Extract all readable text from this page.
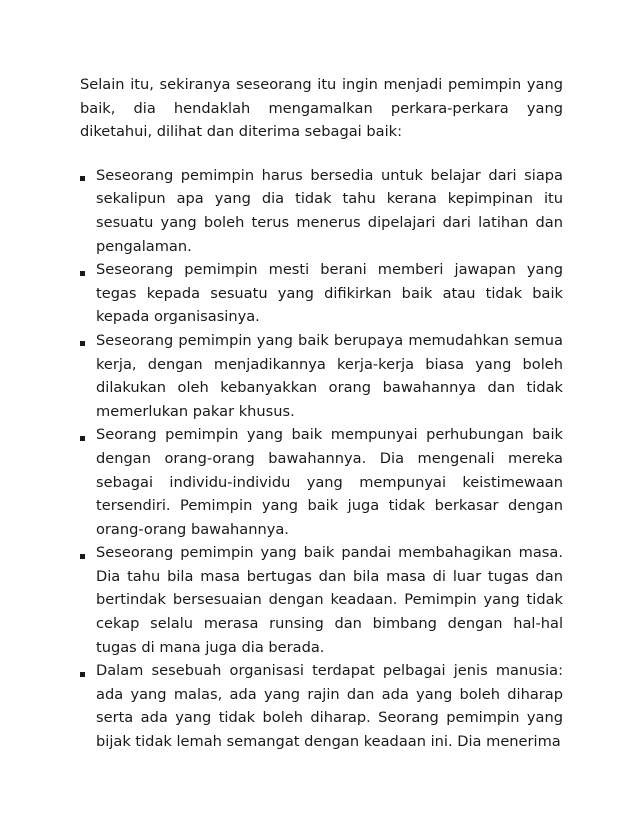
Selain itu, sekiranya seseorang itu ingin menjadi pemimpin yang baik, dia hendaklah mengamalkan perkara-perkara yang diketahui, dilihat dan diterima sebagai baik:

Seseorang pemimpin harus bersedia untuk belajar dari siapa sekalipun apa yang dia tidak tahu kerana kepimpinan itu sesuatu yang boleh terus menerus dipelajari dari latihan dan pengalaman.
Seseorang pemimpin mesti berani memberi jawapan yang tegas kepada sesuatu yang difikirkan baik atau tidak baik kepada organisasinya.
Seseorang pemimpin yang baik berupaya memudahkan semua kerja, dengan menjadikannya kerja-kerja biasa yang boleh dilakukan oleh kebanyakkan orang bawahannya dan tidak memerlukan pakar khusus.
Seorang pemimpin yang baik mempunyai perhubungan baik dengan orang-orang bawahannya. Dia mengenali mereka sebagai individu-individu yang mempunyai keistimewaan tersendiri. Pemimpin yang baik juga tidak berkasar dengan orang-orang bawahannya.
Seseorang pemimpin yang baik pandai membahagikan masa. Dia tahu bila masa bertugas dan bila masa di luar tugas dan bertindak bersesuaian dengan keadaan. Pemimpin yang tidak cekap selalu merasa runsing dan bimbang dengan hal-hal tugas di mana juga dia berada.
Dalam sesebuah organisasi terdapat pelbagai jenis manusia: ada yang malas, ada yang rajin dan ada yang boleh diharap serta ada yang tidak boleh diharap. Seorang pemimpin yang bijak tidak lemah semangat dengan keadaan ini. Dia menerima
